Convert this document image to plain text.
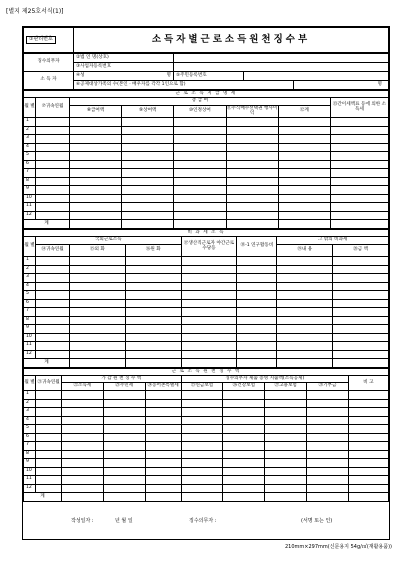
[별지 제25호서식(1)]
①관리번호	소득자별근로소득원천징수부
징수의무자	②법 인 명(상호)			
	③사업자등록번호			
소 득 자	④성 명	⑤주민등록번호		
	⑥공제대상가족의 수(본인 · 배우자를 각각 1인으로 함)			명
근 로 소 득 지 급 명 세							
월 별	⑦귀속연월	총 급 여					⑬간이세액표 등에 의한 소득세
		⑧급여액	⑨상여액	⑩인정상여	⑪주식매수선택권 행사이익	⑫계	
1							
2							
3							
4							
5							
6							
7							
8							
9							
10							
11							
12							
계							
비 과 세 소 득							
월 별	국외근로소득			⑰생산직근로자 야간근로수당등	⑱-1 연구활동비	그 밖의 비과세	
	⑭귀속연월	⑮외 화	⑯원 화			⑲내 용	⑳금 액
1							
2							
3							
4							
5							
6							
7							
8							
9							
10							
11							
12							
계							
근 로 소 득 원 천 징 수 액									
월 별	㉑귀속연월	가 감 원 천 징 수 액			징수의무자 제출 증빙 지출액(소득공제)				비 고
		㉒소득세	㉓주민세	㉔농어촌특별세	㉕연금보험	㉖건강보험	㉗고용보험	㉘기부금	
1									
2									
3									
4									
5									
6									
7									
8									
9									
10									
11									
12									
계									
작성일자 :	년 월 일	징수의무자 :	(서명 또는 인)
210mm×297mm(신문용지 54g/㎡(재활용품))
